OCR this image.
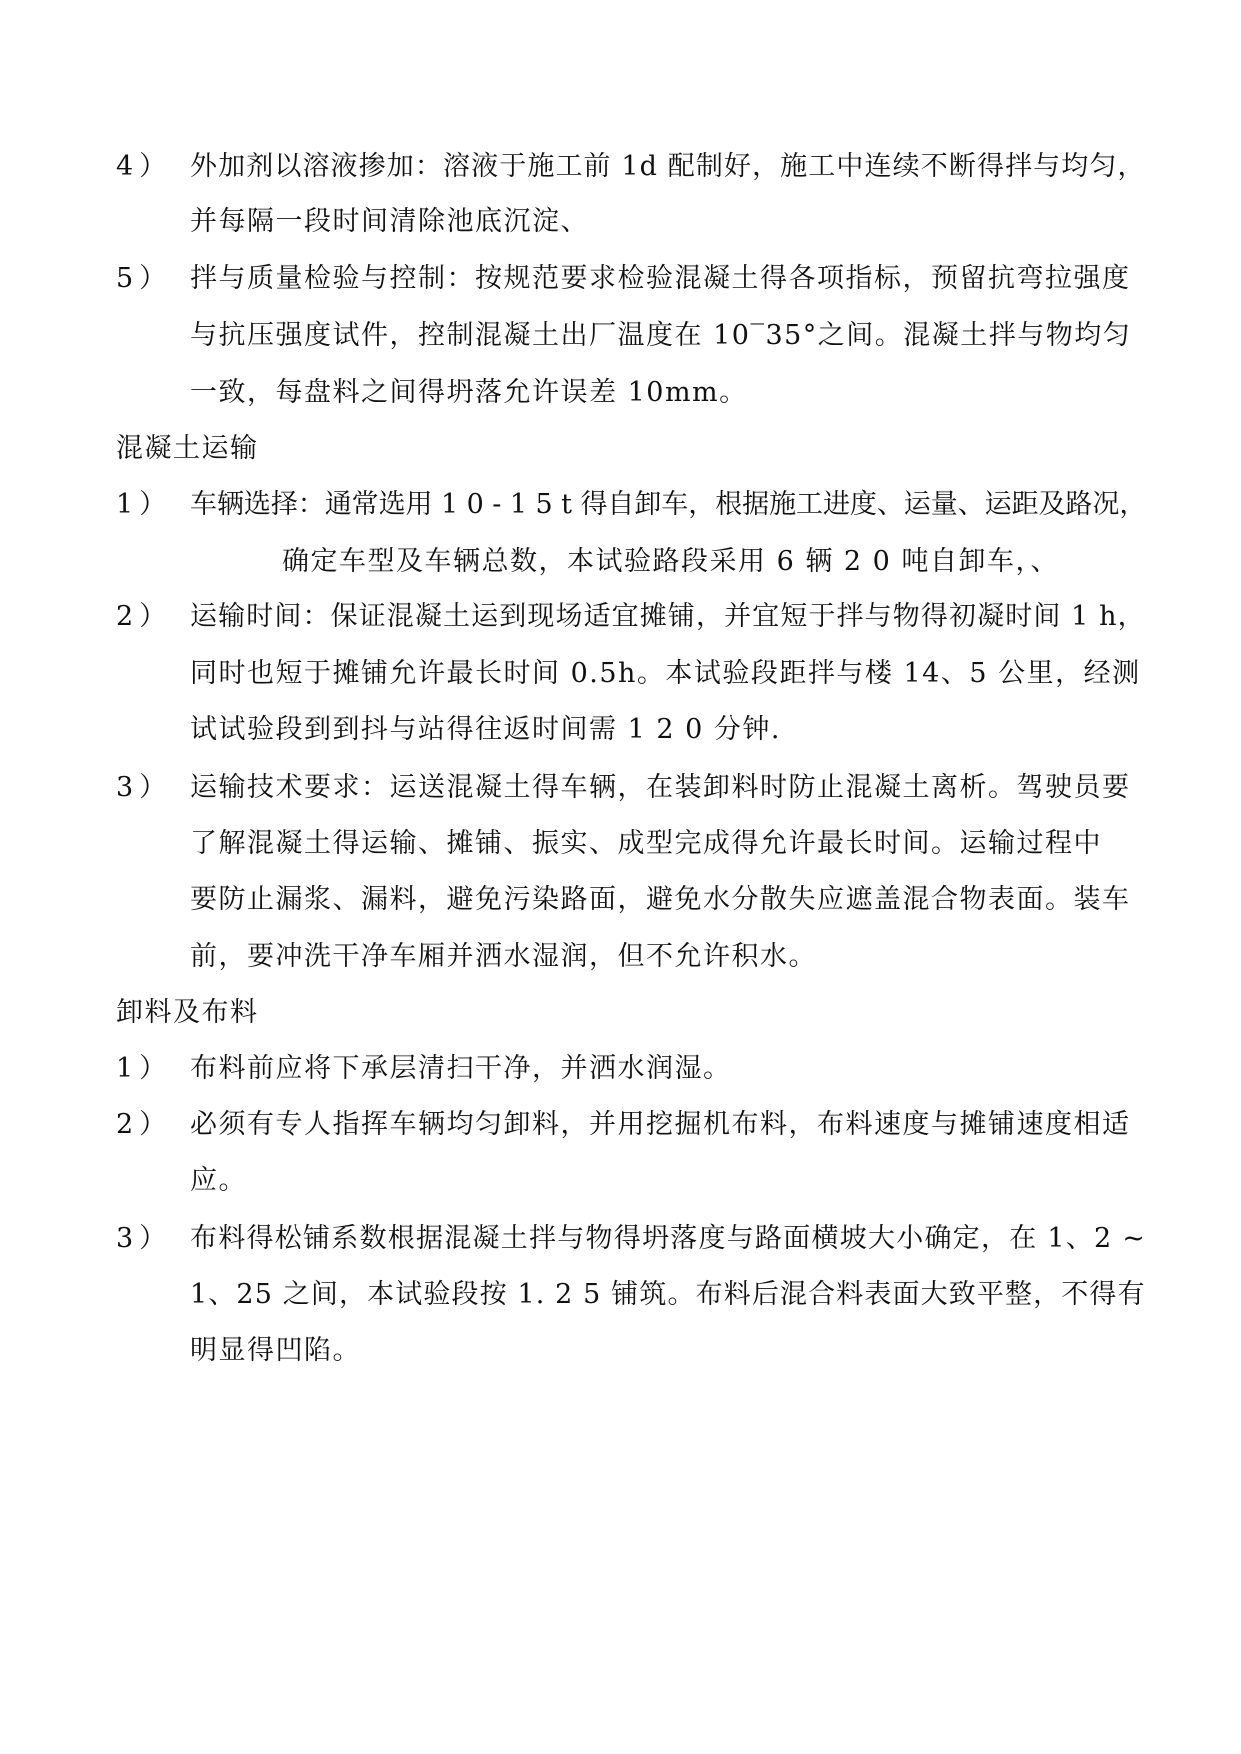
4） 外加剂以溶液掺加：溶液于施工前 1d 配制好，施工中连续不断得拌与均匀，
并每隔一段时间清除池底沉淀、
5） 拌与质量检验与控制：按规范要求检验混凝土得各项指标，预留抗弯拉强度
与抗压强度试件，控制混凝土出厂温度在 10‾35°之间。混凝土拌与物均匀
一致，每盘料之间得坍落允许误差 10mm。
混凝土运输
1） 车辆选择：通常选用 1 0 - 1 5 t 得自卸车，根据施工进度、运量、运距及路况，
确定车型及车辆总数，本试验路段采用 6 辆 2 0 吨自卸车，、
2） 运输时间：保证混凝土运到现场适宜摊铺，并宜短于拌与物得初凝时间 1 h，
同时也短于摊铺允许最长时间 0.5h。本试验段距拌与楼 14、5 公里，经测
试试验段到到抖与站得往返时间需 1 2 0 分钟.
3） 运输技术要求：运送混凝土得车辆，在装卸料时防止混凝土离析。驾驶员要
了解混凝土得运输、摊铺、振实、成型完成得允许最长时间。运输过程中
要防止漏浆、漏料，避免污染路面，避免水分散失应遮盖混合物表面。装车
前，要冲洗干净车厢并洒水湿润，但不允许积水。
卸料及布料
1） 布料前应将下承层清扫干净，并洒水润湿。
2） 必须有专人指挥车辆均匀卸料，并用挖掘机布料，布料速度与摊铺速度相适
应。
3） 布料得松铺系数根据混凝土拌与物得坍落度与路面横坡大小确定，在 1、2 ~
1、25 之间，本试验段按 1. 2 5 铺筑。布料后混合料表面大致平整，不得有
明显得凹陷。
